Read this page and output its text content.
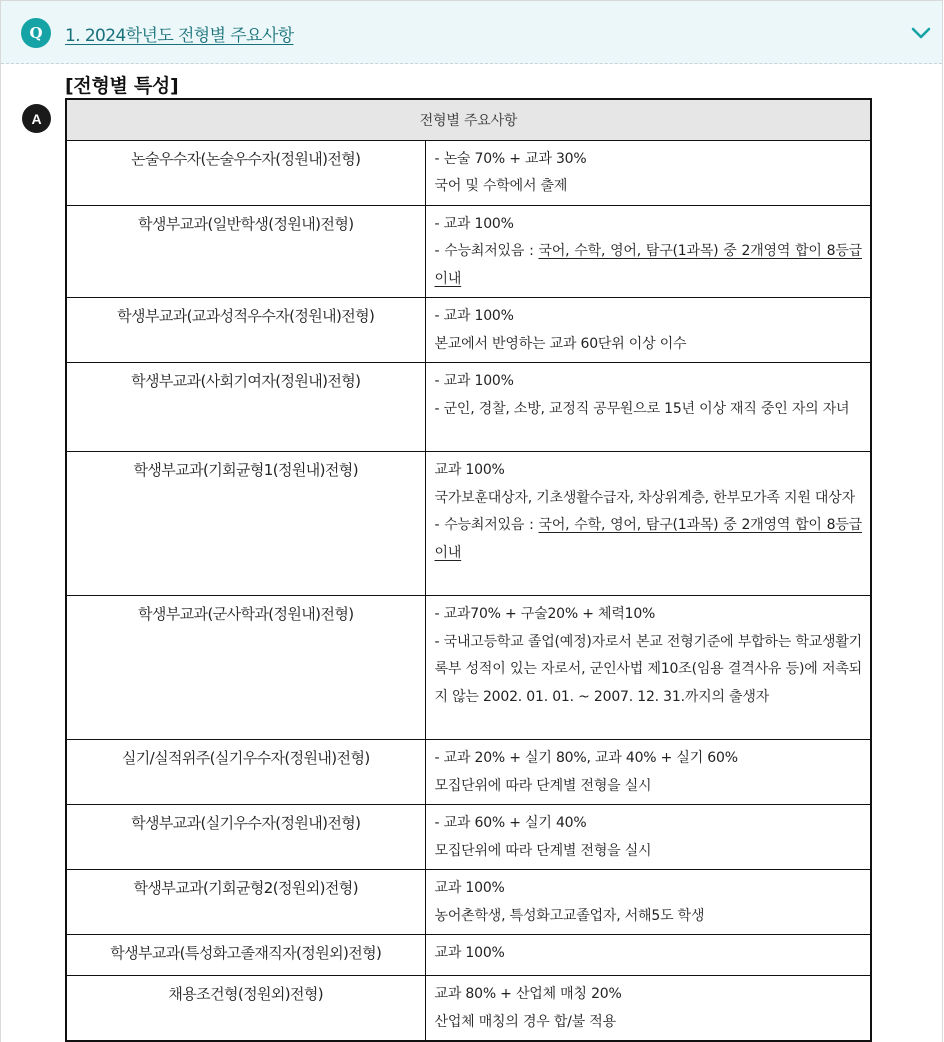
Q	1. 2024학년도 전형별 주요사항
[전형별 특성]
A	전형별 주요사항	
논술우수자(논술우수자(정원내)전형)	- 논술 70% + 교과 30%
국어 및 수학에서 출제

학생부교과(일반학생(정원내)전형)	- 교과 100%
- 수능최저있음 : 국어, 수학, 영어, 탐구(1과목) 중 2개영역 합이 8등급 이내

학생부교과(교과성적우수자(정원내)전형)	- 교과 100%
본교에서 반영하는 교과 60단위 이상 이수

학생부교과(사회기여자(정원내)전형)	- 교과 100%
- 군인, 경찰, 소방, 교정직 공무원으로 15년 이상 재직 중인 자의 자녀

학생부교과(기회균형1(정원내)전형)	교과 100%
국가보훈대상자, 기초생활수급자, 차상위계층, 한부모가족 지원 대상자
- 수능최저있음 : 국어, 수학, 영어, 탐구(1과목) 중 2개영역 합이 8등급 이내

학생부교과(군사학과(정원내)전형)	- 교과70% + 구술20% + 체력10%
- 국내고등학교 졸업(예정)자로서 본교 전형기준에 부합하는 학교생활기록부 성적이 있는 자로서, 군인사법 제10조(임용 결격사유 등)에 저촉되지 않는 2002. 01. 01. ~ 2007. 12. 31.까지의 출생자

실기/실적위주(실기우수자(정원내)전형)	- 교과 20% + 실기 80%, 교과 40% + 실기 60%
모집단위에 따라 단계별 전형을 실시

학생부교과(실기우수자(정원내)전형)	- 교과 60% + 실기 40%
모집단위에 따라 단계별 전형을 실시

학생부교과(기회균형2(정원외)전형)	교과 100%
농어촌학생, 특성화고교졸업자, 서해5도 학생

학생부교과(특성화고졸재직자(정원외)전형)	교과 100%

채용조건형(정원외)전형)	교과 80% + 산업체 매칭 20%
산업체 매칭의 경우 합/불 적용
